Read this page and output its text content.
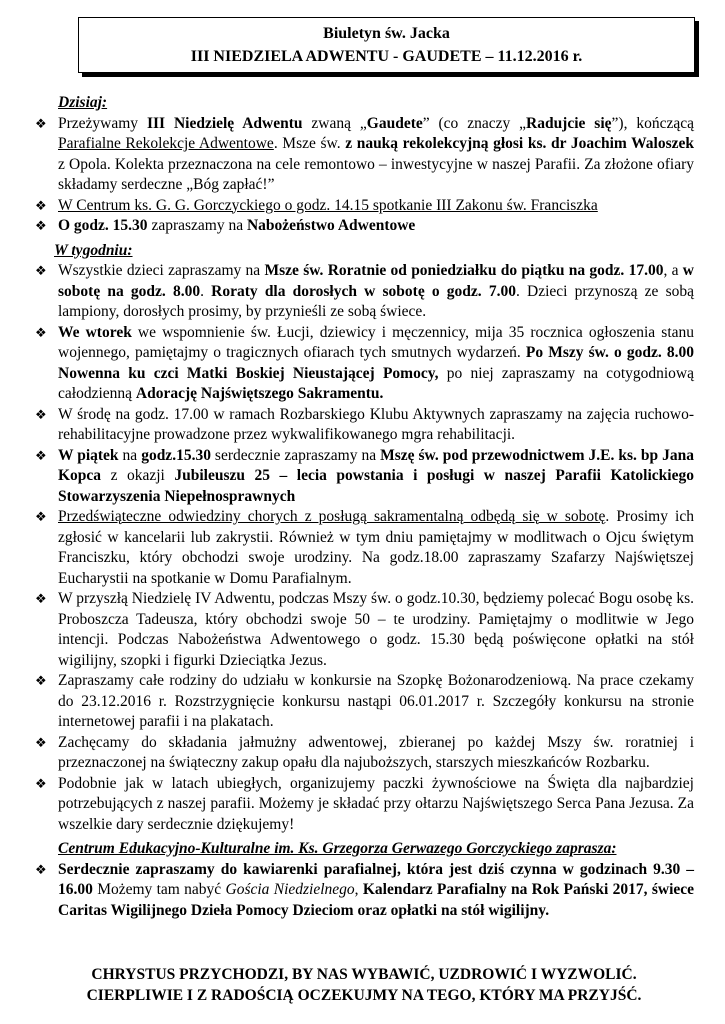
Biuletyn św. Jacka
III NIEDZIELA ADWENTU - GAUDETE – 11.12.2016 r.
Dzisiaj:
❖ Przeżywamy III Niedzielę Adwentu zwaną „Gaudete” (co znaczy „Radujcie się”), kończącą Parafialne Rekolekcje Adwentowe. Msze św. z nauką rekolekcyjną głosi ks. dr Joachim Waloszek z Opola. Kolekta przeznaczona na cele remontowo – inwestycyjne w naszej Parafii. Za złożone ofiary składamy serdeczne „Bóg zapłać!”
❖ W Centrum ks. G. G. Gorczyckiego o godz. 14.15 spotkanie III Zakonu św. Franciszka
❖ O godz. 15.30 zapraszamy na Nabożeństwo Adwentowe
W tygodniu:
❖ Wszystkie dzieci zapraszamy na Msze św. Roratnie od poniedziałku do piątku na godz. 17.00, a w sobotę na godz. 8.00. Roraty dla dorosłych w sobotę o godz. 7.00. Dzieci przynoszą ze sobą lampiony, dorosłych prosimy, by przynieśli ze sobą świece.
❖ We wtorek we wspomnienie św. Łucji, dziewicy i męczennicy, mija 35 rocznica ogłoszenia stanu wojennego, pamiętajmy o tragicznych ofiarach tych smutnych wydarzeń. Po Mszy św. o godz. 8.00 Nowenna ku czci Matki Boskiej Nieustającej Pomocy, po niej zapraszamy na cotygodniową całodzienną Adorację Najświętszego Sakramentu.
❖ W środę na godz. 17.00 w ramach Rozbarskiego Klubu Aktywnych zapraszamy na zajęcia ruchowo- rehabilitacyjne prowadzone przez wykwalifikowanego mgra rehabilitacji.
❖ W piątek na godz.15.30 serdecznie zapraszamy na Mszę św. pod przewodnictwem J.E. ks. bp Jana Kopca z okazji Jubileuszu 25 – lecia powstania i posługi w naszej Parafii Katolickiego Stowarzyszenia Niepełnosprawnych
❖ Przedświąteczne odwiedziny chorych z posługą sakramentalną odbędą się w sobotę. Prosimy ich zgłosić w kancelarii lub zakrystii. Również w tym dniu pamiętajmy w modlitwach o Ojcu świętym Franciszku, który obchodzi swoje urodziny. Na godz.18.00 zapraszamy Szafarzy Najświętszej Eucharystii na spotkanie w Domu Parafialnym.
❖ W przyszłą Niedzielę IV Adwentu, podczas Mszy św. o godz.10.30, będziemy polecać Bogu osobę ks. Proboszcza Tadeusza, który obchodzi swoje 50 – te urodziny. Pamiętajmy o modlitwie w Jego intencji. Podczas Nabożeństwa Adwentowego o godz. 15.30 będą poświęcone opłatki na stół wigilijny, szopki i figurki Dzieciątka Jezus.
❖ Zapraszamy całe rodziny do udziału w konkursie na Szopkę Bożonarodzeniową. Na prace czekamy do 23.12.2016 r. Rozstrzygnięcie konkursu nastąpi 06.01.2017 r. Szczegóły konkursu na stronie internetowej parafii i na plakatach.
❖ Zachęcamy do składania jałmużny adwentowej, zbieranej po każdej Mszy św. roratniej i przeznaczonej na świąteczny zakup opału dla najuboższych, starszych mieszkańców Rozbarku.
❖ Podobnie jak w latach ubiegłych, organizujemy paczki żywnościowe na Święta dla najbardziej potrzebujących z naszej parafii. Możemy je składać przy ołtarzu Najświętszego Serca Pana Jezusa. Za wszelkie dary serdecznie dziękujemy!
Centrum Edukacyjno-Kulturalne im. Ks. Grzegorza Gerwazego Gorczyckiego zaprasza:
❖ Serdecznie zapraszamy do kawiarenki parafialnej, która jest dziś czynna w godzinach 9.30 – 16.00 Możemy tam nabyć Gościa Niedzielnego, Kalendarz Parafialny na Rok Pański 2017, świece Caritas Wigilijnego Dzieła Pomocy Dzieciom oraz opłatki na stół wigilijny.
CHRYSTUS PRZYCHODZI, BY NAS WYBAWIĆ, UZDROWIĆ I WYZWOLIĆ.
CIERPLIWIE I Z RADOŚCIĄ OCZEKUJMY NA TEGO, KTÓRY MA PRZYJŚĆ.
